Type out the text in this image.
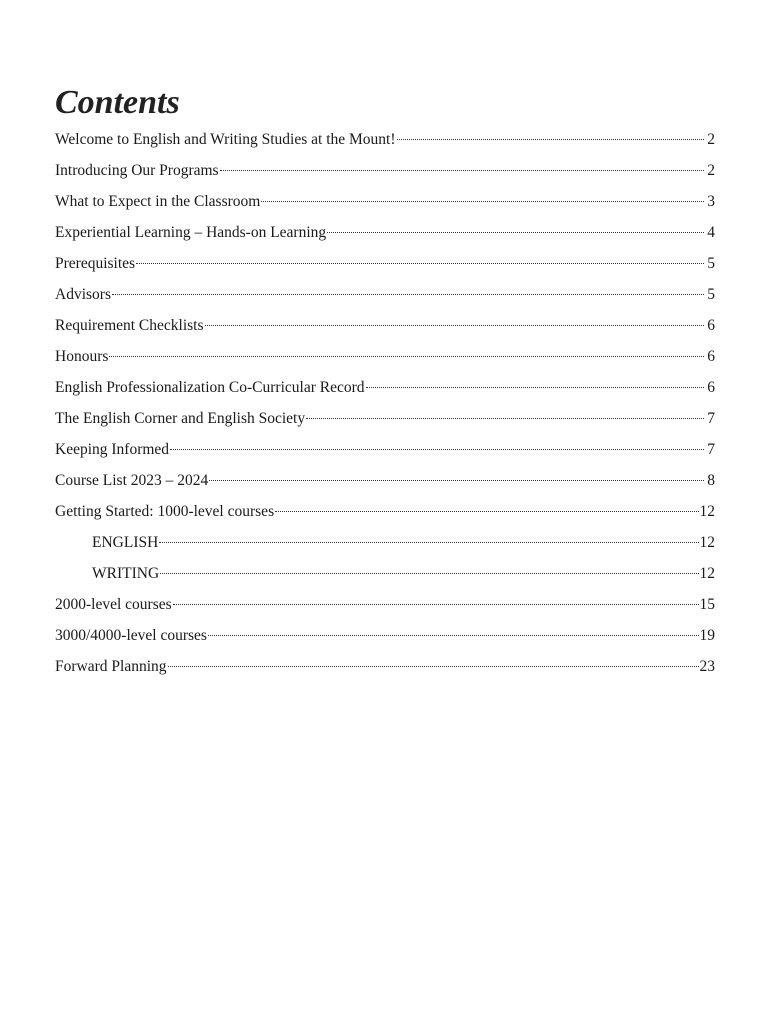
Contents
Welcome to English and Writing Studies at the Mount!	2
Introducing Our Programs	2
What to Expect in the Classroom	3
Experiential Learning – Hands-on Learning	4
Prerequisites	5
Advisors	5
Requirement Checklists	6
Honours	6
English Professionalization Co-Curricular Record	6
The English Corner and English Society	7
Keeping Informed	7
Course List 2023 – 2024	8
Getting Started: 1000-level courses	12
ENGLISH	12
WRITING	12
2000-level courses	15
3000/4000-level courses	19
Forward Planning	23
